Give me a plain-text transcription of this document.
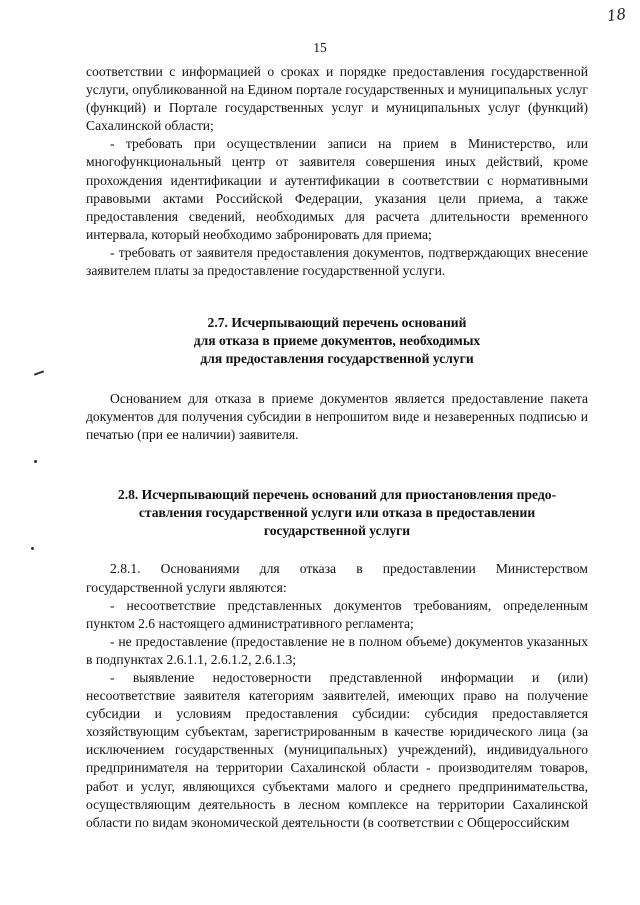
18
15

соответствии с информацией о сроках и порядке предоставления государственной услуги, опубликованной на Едином портале государственных и муниципальных услуг (функций) и Портале государственных услуг и муниципальных услуг (функций) Сахалинской области;

- требовать при осуществлении записи на прием в Министерство, или многофункциональный центр от заявителя совершения иных действий, кроме прохождения идентификации и аутентификации в соответствии с нормативными правовыми актами Российской Федерации, указания цели приема, а также предоставления сведений, необходимых для расчета длительности временного интервала, который необходимо забронировать для приема;

- требовать от заявителя предоставления документов, подтверждающих внесение заявителем платы за предоставление государственной услуги.

2.7. Исчерпывающий перечень оснований
для отказа в приеме документов, необходимых
для предоставления государственной услуги

Основанием для отказа в приеме документов является предоставление пакета документов для получения субсидии в непрошитом виде и незаверенных подписью и печатью (при ее наличии) заявителя.

2.8. Исчерпывающий перечень оснований для приостановления предо-
ставления государственной услуги или отказа в предоставлении
государственной услуги

2.8.1. Основаниями для отказа в предоставлении Министерством государственной услуги являются:

- несоответствие представленных документов требованиям, определенным пунктом 2.6 настоящего административного регламента;

- не предоставление (предоставление не в полном объеме) документов указанных в подпунктах 2.6.1.1, 2.6.1.2, 2.6.1.3;

- выявление недостоверности представленной информации и (или) несоответствие заявителя категориям заявителей, имеющих право на получение субсидии и условиям предоставления субсидии: субсидия предоставляется хозяйствующим субъектам, зарегистрированным в качестве юридического лица (за исключением государственных (муниципальных) учреждений), индивидуального предпринимателя на территории Сахалинской области - производителям товаров, работ и услуг, являющихся субъектами малого и среднего предпринимательства, осуществляющим деятельность в лесном комплексе на территории Сахалинской области по видам экономической деятельности (в соответствии с Общероссийским
